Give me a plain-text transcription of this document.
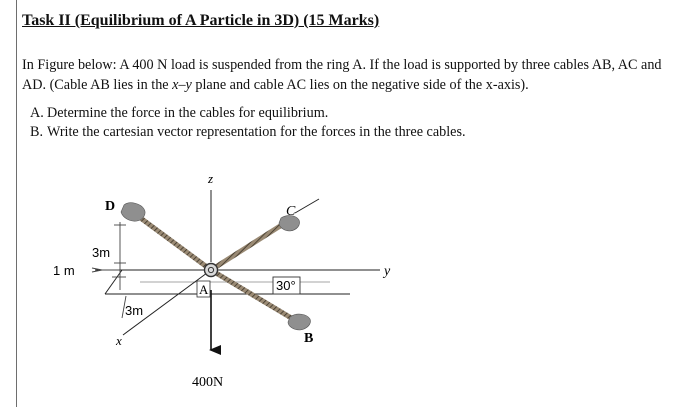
Task II (Equilibrium of A Particle in 3D) (15 Marks)
In Figure below: A 400 N load is suspended from the ring A. If the load is supported by three cables AB, AC and
AD. (Cable AB lies in the x–y plane and cable AC lies on the negative side of the x-axis).
A. Determine the force in the cables for equilibrium.
B. Write the cartesian vector representation for the forces in the three cables.
z
y
x
D	C
A
B
3m
1 m
3m
30°
400N
